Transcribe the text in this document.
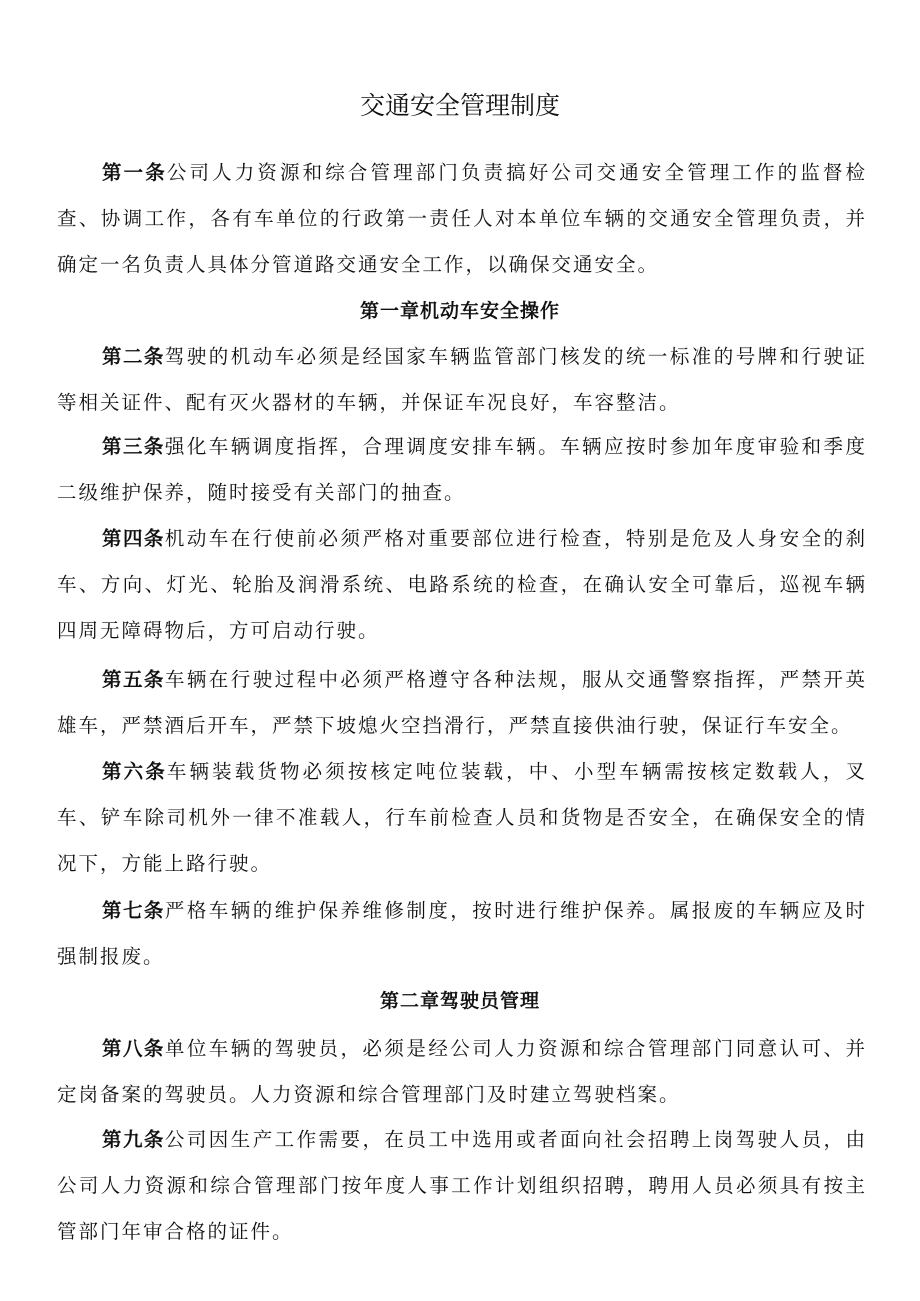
交通安全管理制度

第一条公司人力资源和综合管理部门负责搞好公司交通安全管理工作的监督检查、协调工作，各有车单位的行政第一责任人对本单位车辆的交通安全管理负责，并确定一名负责人具体分管道路交通安全工作，以确保交通安全。

第一章机动车安全操作

第二条驾驶的机动车必须是经国家车辆监管部门核发的统一标准的号牌和行驶证等相关证件、配有灭火器材的车辆，并保证车况良好，车容整洁。

第三条强化车辆调度指挥，合理调度安排车辆。车辆应按时参加年度审验和季度二级维护保养，随时接受有关部门的抽查。

第四条机动车在行使前必须严格对重要部位进行检查，特别是危及人身安全的刹车、方向、灯光、轮胎及润滑系统、电路系统的检查，在确认安全可靠后，巡视车辆四周无障碍物后，方可启动行驶。

第五条车辆在行驶过程中必须严格遵守各种法规，服从交通警察指挥，严禁开英雄车，严禁酒后开车，严禁下坡熄火空挡滑行，严禁直接供油行驶，保证行车安全。

第六条车辆装载货物必须按核定吨位装载，中、小型车辆需按核定数载人，叉车、铲车除司机外一律不准载人，行车前检查人员和货物是否安全，在确保安全的情况下，方能上路行驶。

第七条严格车辆的维护保养维修制度，按时进行维护保养。属报废的车辆应及时强制报废。

第二章驾驶员管理

第八条单位车辆的驾驶员，必须是经公司人力资源和综合管理部门同意认可、并定岗备案的驾驶员。人力资源和综合管理部门及时建立驾驶档案。

第九条公司因生产工作需要，在员工中选用或者面向社会招聘上岗驾驶人员，由公司人力资源和综合管理部门按年度人事工作计划组织招聘，聘用人员必须具有按主管部门年审合格的证件。
